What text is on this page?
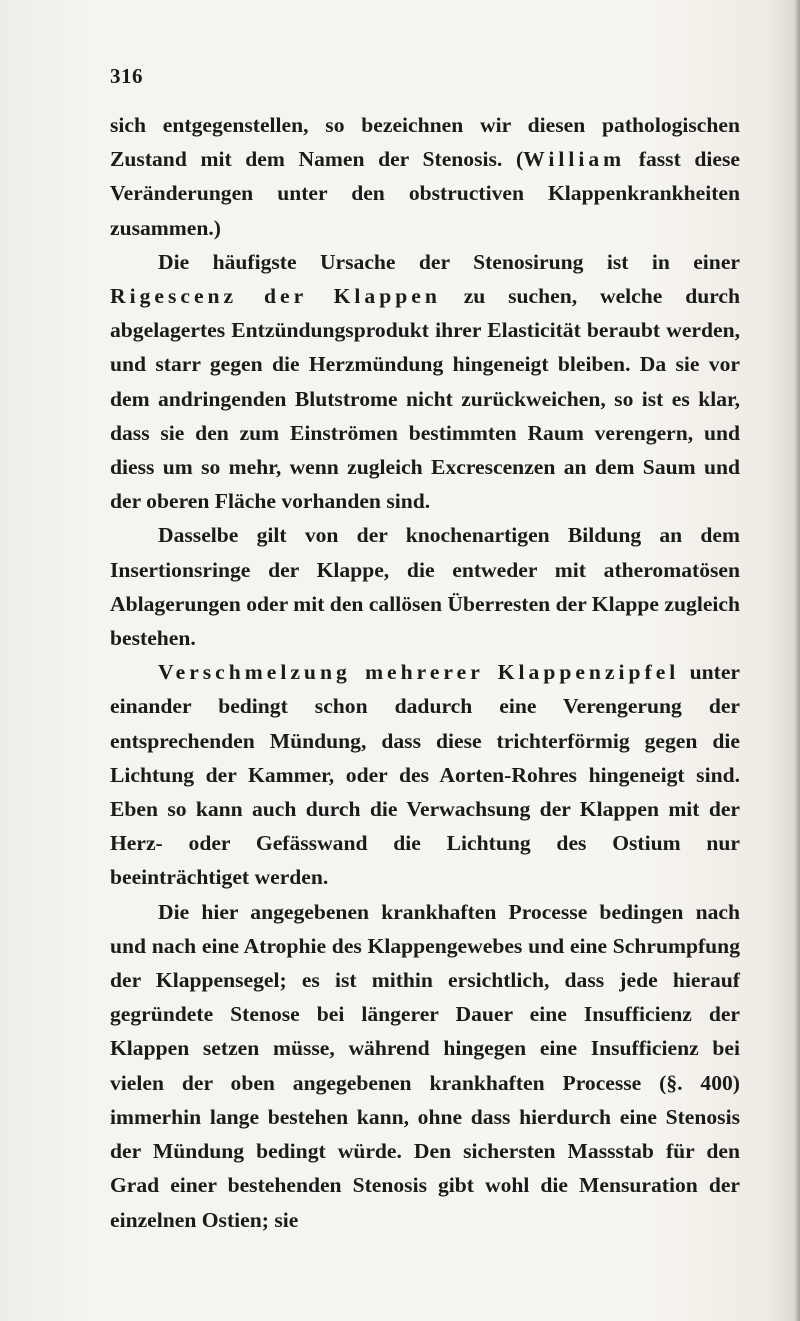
316

sich entgegenstellen, so bezeichnen wir diesen pathologischen Zustand mit dem Namen der Stenosis. (William fasst diese Veränderungen unter den obstructiven Klappenkrankheiten zusammen.)

Die häufigste Ursache der Stenosirung ist in einer Rigescenz der Klappen zu suchen, welche durch abgelagertes Entzündungsprodukt ihrer Elasticität beraubt werden, und starr gegen die Herzmündung hingeneigt bleiben. Da sie vor dem andringenden Blutstrome nicht zurückweichen, so ist es klar, dass sie den zum Einströmen bestimmten Raum verengern, und diess um so mehr, wenn zugleich Excrescenzen an dem Saum und der oberen Fläche vorhanden sind.

Dasselbe gilt von der knochenartigen Bildung an dem Insertionsringe der Klappe, die entweder mit atheromatösen Ablagerungen oder mit den callösen Überresten der Klappe zugleich bestehen.

Verschmelzung mehrerer Klappenzipfel unter einander bedingt schon dadurch eine Verengerung der entsprechenden Mündung, dass diese trichterförmig gegen die Lichtung der Kammer, oder des Aorten-Rohres hingeneigt sind. Eben so kann auch durch die Verwachsung der Klappen mit der Herz- oder Gefässwand die Lichtung des Ostium nur beeinträchtiget werden.

Die hier angegebenen krankhaften Processe bedingen nach und nach eine Atrophie des Klappengewebes und eine Schrumpfung der Klappensegel; es ist mithin ersichtlich, dass jede hierauf gegründete Stenose bei längerer Dauer eine Insufficienz der Klappen setzen müsse, während hingegen eine Insufficienz bei vielen der oben angegebenen krankhaften Processe (§. 400) immerhin lange bestehen kann, ohne dass hierdurch eine Stenosis der Mündung bedingt würde. Den sichersten Massstab für den Grad einer bestehenden Stenosis gibt wohl die Mensuration der einzelnen Ostien; sie
